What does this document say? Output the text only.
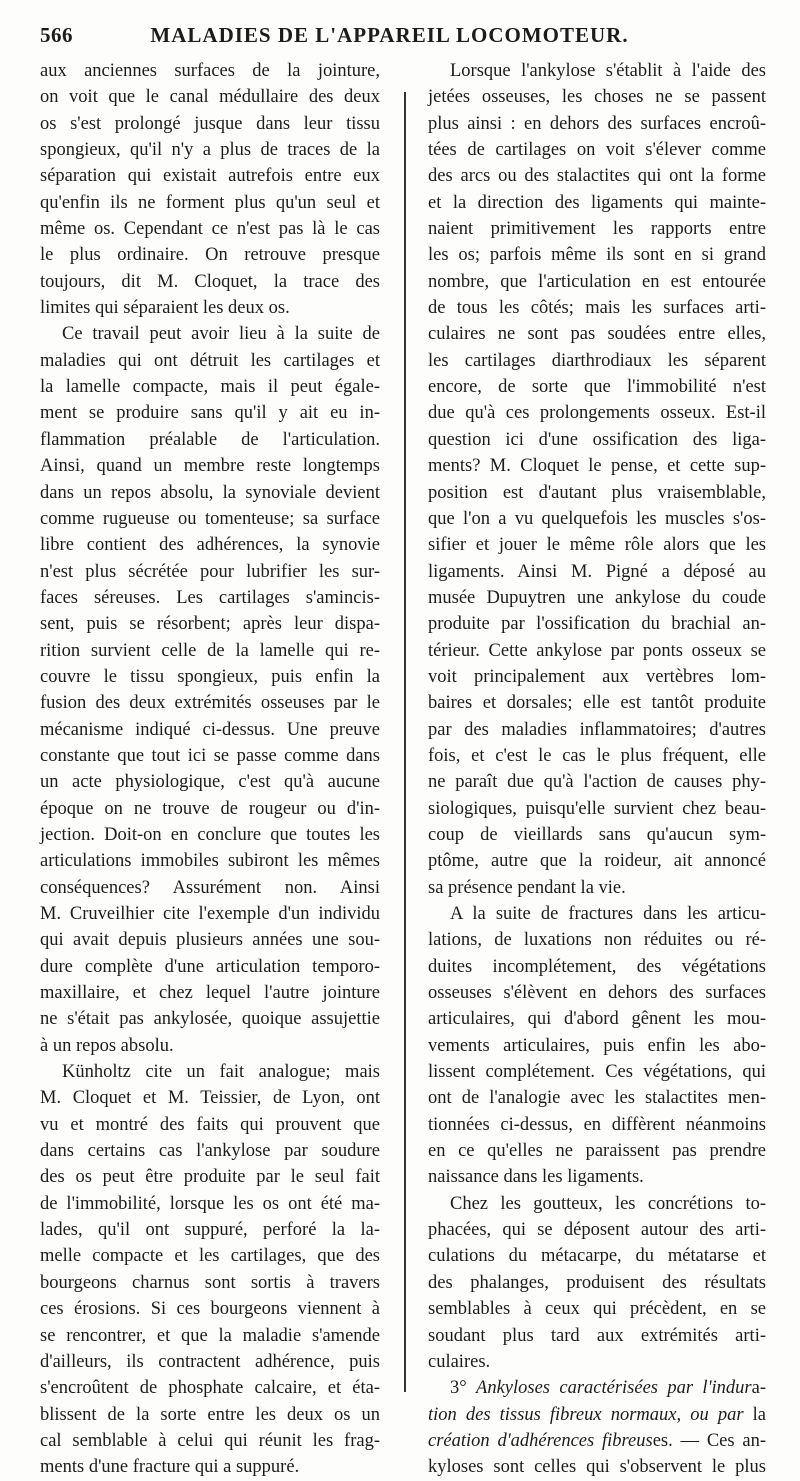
566	MALADIES DE L'APPAREIL LOCOMOTEUR.
aux anciennes surfaces de la jointure,
on voit que le canal médullaire des deux
os s'est prolongé jusque dans leur tissu
spongieux, qu'il n'y a plus de traces de la
séparation qui existait autrefois entre eux
qu'enfin ils ne forment plus qu'un seul et
même os. Cependant ce n'est pas là le cas
le plus ordinaire. On retrouve presque
toujours, dit M. Cloquet, la trace des
limites qui séparaient les deux os.
Ce travail peut avoir lieu à la suite de
maladies qui ont détruit les cartilages et
la lamelle compacte, mais il peut égale-
ment se produire sans qu'il y ait eu in-
flammation préalable de l'articulation.
Ainsi, quand un membre reste longtemps
dans un repos absolu, la synoviale devient
comme rugueuse ou tomenteuse; sa surface
libre contient des adhérences, la synovie
n'est plus sécrétée pour lubrifier les sur-
faces séreuses. Les cartilages s'amincis-
sent, puis se résorbent; après leur dispa-
rition survient celle de la lamelle qui re-
couvre le tissu spongieux, puis enfin la
fusion des deux extrémités osseuses par le
mécanisme indiqué ci-dessus. Une preuve
constante que tout ici se passe comme dans
un acte physiologique, c'est qu'à aucune
époque on ne trouve de rougeur ou d'in-
jection. Doit-on en conclure que toutes les
articulations immobiles subiront les mêmes
conséquences? Assurément non. Ainsi
M. Cruveilhier cite l'exemple d'un individu
qui avait depuis plusieurs années une sou-
dure complète d'une articulation temporo-
maxillaire, et chez lequel l'autre jointure
ne s'était pas ankylosée, quoique assujettie
à un repos absolu.
Künholtz cite un fait analogue; mais
M. Cloquet et M. Teissier, de Lyon, ont
vu et montré des faits qui prouvent que
dans certains cas l'ankylose par soudure
des os peut être produite par le seul fait
de l'immobilité, lorsque les os ont été ma-
lades, qu'il ont suppuré, perforé la la-
melle compacte et les cartilages, que des
bourgeons charnus sont sortis à travers
ces érosions. Si ces bourgeons viennent à
se rencontrer, et que la maladie s'amende
d'ailleurs, ils contractent adhérence, puis
s'encroûtent de phosphate calcaire, et éta-
blissent de la sorte entre les deux os un
cal semblable à celui qui réunit les frag-
ments d'une fracture qui a suppuré.
Lorsque l'ankylose s'établit à l'aide des
jetées osseuses, les choses ne se passent
plus ainsi : en dehors des surfaces encroû-
tées de cartilages on voit s'élever comme
des arcs ou des stalactites qui ont la forme
et la direction des ligaments qui mainte-
naient primitivement les rapports entre
les os; parfois même ils sont en si grand
nombre, que l'articulation en est entourée
de tous les côtés; mais les surfaces arti-
culaires ne sont pas soudées entre elles,
les cartilages diarthrodiaux les séparent
encore, de sorte que l'immobilité n'est
due qu'à ces prolongements osseux. Est-il
question ici d'une ossification des liga-
ments? M. Cloquet le pense, et cette sup-
position est d'autant plus vraisemblable,
que l'on a vu quelquefois les muscles s'os-
sifier et jouer le même rôle alors que les
ligaments. Ainsi M. Pigné a déposé au
musée Dupuytren une ankylose du coude
produite par l'ossification du brachial an-
térieur. Cette ankylose par ponts osseux se
voit principalement aux vertèbres lom-
baires et dorsales; elle est tantôt produite
par des maladies inflammatoires; d'autres
fois, et c'est le cas le plus fréquent, elle
ne paraît due qu'à l'action de causes phy-
siologiques, puisqu'elle survient chez beau-
coup de vieillards sans qu'aucun sym-
ptôme, autre que la roideur, ait annoncé
sa présence pendant la vie.
A la suite de fractures dans les articu-
lations, de luxations non réduites ou ré-
duites incomplétement, des végétations
osseuses s'élèvent en dehors des surfaces
articulaires, qui d'abord gênent les mou-
vements articulaires, puis enfin les abo-
lissent complétement. Ces végétations, qui
ont de l'analogie avec les stalactites men-
tionnées ci-dessus, en diffèrent néanmoins
en ce qu'elles ne paraissent pas prendre
naissance dans les ligaments.
Chez les goutteux, les concrétions to-
phacées, qui se déposent autour des arti-
culations du métacarpe, du métatarse et
des phalanges, produisent des résultats
semblables à ceux qui précèdent, en se
soudant plus tard aux extrémités arti-
culaires.
3° Ankyloses caractérisées par l'indura-
tion des tissus fibreux normaux, ou par la
création d'adhérences fibreuses. — Ces an-
kyloses sont celles qui s'observent le plus
